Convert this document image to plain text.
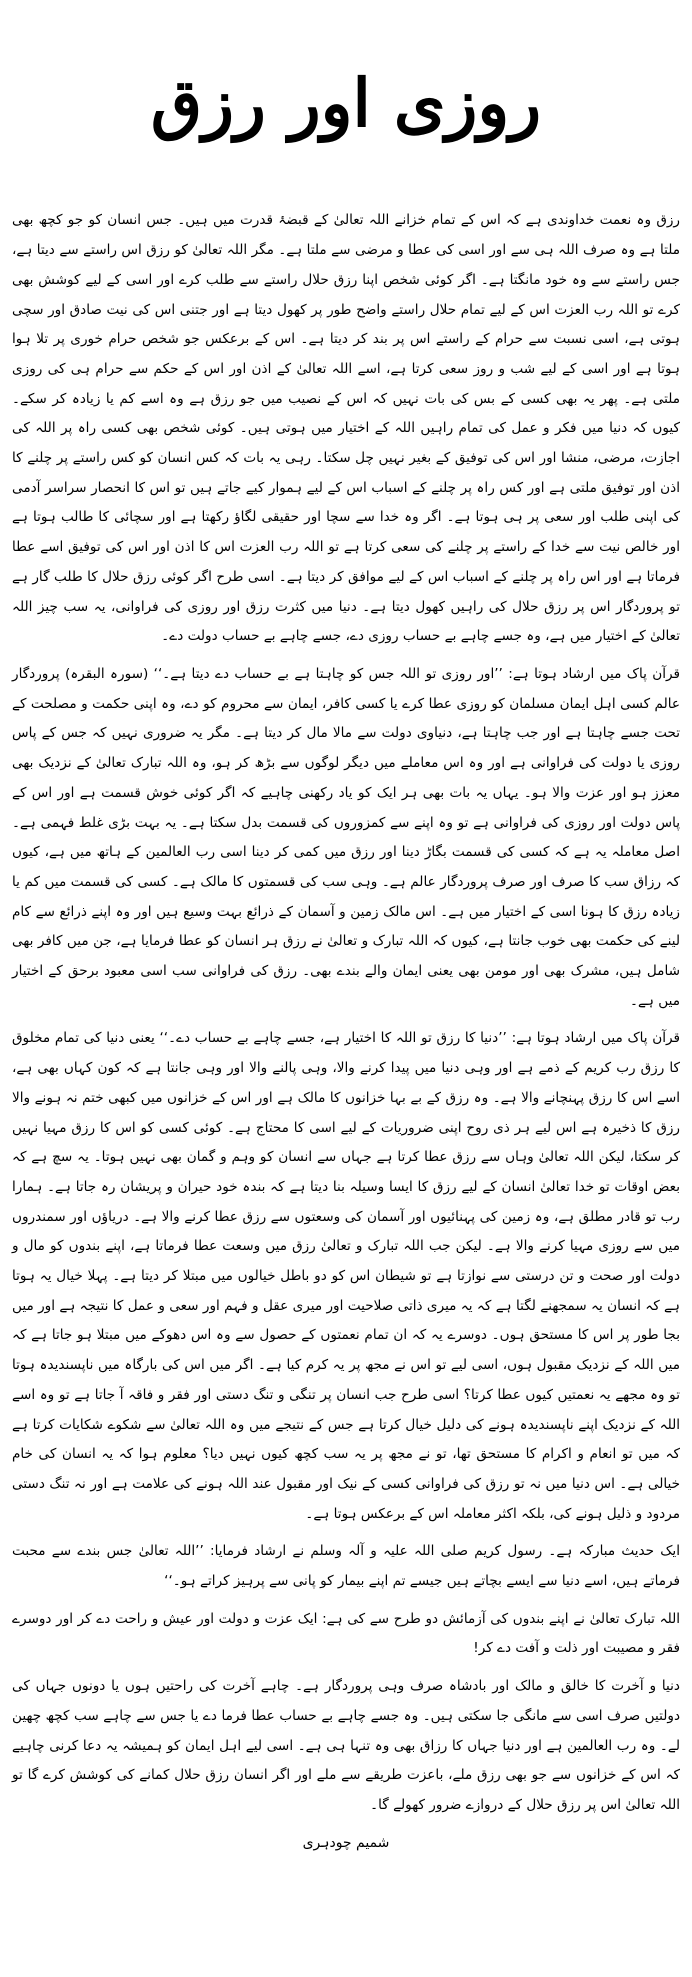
روزی اور رزق

رزق وہ نعمت خداوندی ہے کہ اس کے تمام خزانے اللہ تعالیٰ کے قبضۂ قدرت میں ہیں۔ جس انسان کو جو کچھ بھی ملتا ہے وہ صرف اللہ ہی سے اور اسی کی عطا و مرضی سے ملتا ہے۔ مگر اللہ تعالیٰ کو رزق اس راستے سے دیتا ہے، جس راستے سے وہ خود مانگتا ہے۔ اگر کوئی شخص اپنا رزق حلال راستے سے طلب کرے اور اسی کے لیے کوشش بھی کرے تو اللہ رب العزت اس کے لیے تمام حلال راستے واضح طور پر کھول دیتا ہے اور جتنی اس کی نیت صادق اور سچی ہوتی ہے، اسی نسبت سے حرام کے راستے اس پر بند کر دیتا ہے۔ اس کے برعکس جو شخص حرام خوری پر تلا ہوا ہوتا ہے اور اسی کے لیے شب و روز سعی کرتا ہے، اسے اللہ تعالیٰ کے اذن اور اس کے حکم سے حرام ہی کی روزی ملتی ہے۔ پھر یہ بھی کسی کے بس کی بات نہیں کہ اس کے نصیب میں جو رزق ہے وہ اسے کم یا زیادہ کر سکے۔ کیوں کہ دنیا میں فکر و عمل کی تمام راہیں اللہ کے اختیار میں ہوتی ہیں۔ کوئی شخص بھی کسی راہ پر اللہ کی اجازت، مرضی، منشا اور اس کی توفیق کے بغیر نہیں چل سکتا۔ رہی یہ بات کہ کس انسان کو کس راستے پر چلنے کا اذن اور توفیق ملتی ہے اور کس راہ پر چلنے کے اسباب اس کے لیے ہموار کیے جاتے ہیں تو اس کا انحصار سراسر آدمی کی اپنی طلب اور سعی پر ہی ہوتا ہے۔ اگر وہ خدا سے سچا اور حقیقی لگاؤ رکھتا ہے اور سچائی کا طالب ہوتا ہے اور خالص نیت سے خدا کے راستے پر چلنے کی سعی کرتا ہے تو اللہ رب العزت اس کا اذن اور اس کی توفیق اسے عطا فرماتا ہے اور اس راہ پر چلنے کے اسباب اس کے لیے موافق کر دیتا ہے۔ اسی طرح اگر کوئی رزق حلال کا طلب گار ہے تو پروردگار اس پر رزق حلال کی راہیں کھول دیتا ہے۔ دنیا میں کثرت رزق اور روزی کی فراوانی، یہ سب چیز اللہ تعالیٰ کے اختیار میں ہے، وہ جسے چاہے بے حساب روزی دے، جسے چاہے بے حساب دولت دے۔

قرآن پاک میں ارشاد ہوتا ہے: ’’اور روزی تو اللہ جس کو چاہتا ہے بے حساب دے دیتا ہے۔‘‘ (سورہ البقرہ) پروردگار عالم کسی اہل ایمان مسلمان کو روزی عطا کرے یا کسی کافر، ایمان سے محروم کو دے، وہ اپنی حکمت و مصلحت کے تحت جسے چاہتا ہے اور جب چاہتا ہے، دنیاوی دولت سے مالا مال کر دیتا ہے۔ مگر یہ ضروری نہیں کہ جس کے پاس روزی یا دولت کی فراوانی ہے اور وہ اس معاملے میں دیگر لوگوں سے بڑھ کر ہو، وہ اللہ تبارک تعالیٰ کے نزدیک بھی معزز ہو اور عزت والا ہو۔ یہاں یہ بات بھی ہر ایک کو یاد رکھنی چاہیے کہ اگر کوئی خوش قسمت ہے اور اس کے پاس دولت اور روزی کی فراوانی ہے تو وہ اپنے سے کمزوروں کی قسمت بدل سکتا ہے۔ یہ بہت بڑی غلط فہمی ہے۔ اصل معاملہ یہ ہے کہ کسی کی قسمت بگاڑ دینا اور رزق میں کمی کر دینا اسی رب العالمین کے ہاتھ میں ہے، کیوں کہ رزاق سب کا صرف اور صرف پروردگار عالم ہے۔ وہی سب کی قسمتوں کا مالک ہے۔ کسی کی قسمت میں کم یا زیادہ رزق کا ہونا اسی کے اختیار میں ہے۔ اس مالک زمین و آسمان کے ذرائع بہت وسیع ہیں اور وہ اپنے ذرائع سے کام لینے کی حکمت بھی خوب جانتا ہے، کیوں کہ اللہ تبارک و تعالیٰ نے رزق ہر انسان کو عطا فرمایا ہے، جن میں کافر بھی شامل ہیں، مشرک بھی اور مومن بھی یعنی ایمان والے بندے بھی۔ رزق کی فراوانی سب اسی معبود برحق کے اختیار میں ہے۔

قرآن پاک میں ارشاد ہوتا ہے: ’’دنیا کا رزق تو اللہ کا اختیار ہے، جسے چاہے بے حساب دے۔‘‘ یعنی دنیا کی تمام مخلوق کا رزق رب کریم کے ذمے ہے اور وہی دنیا میں پیدا کرنے والا، وہی پالنے والا اور وہی جانتا ہے کہ کون کہاں بھی ہے، اسے اس کا رزق پہنچانے والا ہے۔ وہ رزق کے بے بہا خزانوں کا مالک ہے اور اس کے خزانوں میں کبھی ختم نہ ہونے والا رزق کا ذخیرہ ہے اس لیے ہر ذی روح اپنی ضروریات کے لیے اسی کا محتاج ہے۔ کوئی کسی کو اس کا رزق مہیا نہیں کر سکتا، لیکن اللہ تعالیٰ وہاں سے رزق عطا کرتا ہے جہاں سے انسان کو وہم و گمان بھی نہیں ہوتا۔ یہ سچ ہے کہ بعض اوقات تو خدا تعالیٰ انسان کے لیے رزق کا ایسا وسیلہ بنا دیتا ہے کہ بندہ خود حیران و پریشان رہ جاتا ہے۔ ہمارا رب تو قادر مطلق ہے، وہ زمین کی پہنائیوں اور آسمان کی وسعتوں سے رزق عطا کرنے والا ہے۔ دریاؤں اور سمندروں میں سے روزی مہیا کرنے والا ہے۔ لیکن جب اللہ تبارک و تعالیٰ رزق میں وسعت عطا فرماتا ہے، اپنے بندوں کو مال و دولت اور صحت و تن درستی سے نوازتا ہے تو شیطان اس کو دو باطل خیالوں میں مبتلا کر دیتا ہے۔ پہلا خیال یہ ہوتا ہے کہ انسان یہ سمجھنے لگتا ہے کہ یہ میری ذاتی صلاحیت اور میری عقل و فہم اور سعی و عمل کا نتیجہ ہے اور میں بجا طور پر اس کا مستحق ہوں۔ دوسرے یہ کہ ان تمام نعمتوں کے حصول سے وہ اس دھوکے میں مبتلا ہو جاتا ہے کہ میں اللہ کے نزدیک مقبول ہوں، اسی لیے تو اس نے مجھ پر یہ کرم کیا ہے۔ اگر میں اس کی بارگاہ میں ناپسندیدہ ہوتا تو وہ مجھے یہ نعمتیں کیوں عطا کرتا؟ اسی طرح جب انسان پر تنگی و تنگ دستی اور فقر و فاقہ آ جاتا ہے تو وہ اسے اللہ کے نزدیک اپنے ناپسندیدہ ہونے کی دلیل خیال کرتا ہے جس کے نتیجے میں وہ اللہ تعالیٰ سے شکوے شکایات کرتا ہے کہ میں تو انعام و اکرام کا مستحق تھا، تو نے مجھ پر یہ سب کچھ کیوں نہیں دیا؟ معلوم ہوا کہ یہ انسان کی خام خیالی ہے۔ اس دنیا میں نہ تو رزق کی فراوانی کسی کے نیک اور مقبول عند اللہ ہونے کی علامت ہے اور نہ تنگ دستی مردود و ذلیل ہونے کی، بلکہ اکثر معاملہ اس کے برعکس ہوتا ہے۔

ایک حدیث مبارکہ ہے۔ رسول کریم صلی اللہ علیہ و آلہ وسلم نے ارشاد فرمایا: ’’اللہ تعالیٰ جس بندے سے محبت فرماتے ہیں، اسے دنیا سے ایسے بچاتے ہیں جیسے تم اپنے بیمار کو پانی سے پرہیز کراتے ہو۔‘‘

اللہ تبارک تعالیٰ نے اپنے بندوں کی آزمائش دو طرح سے کی ہے: ایک عزت و دولت اور عیش و راحت دے کر اور دوسرے فقر و مصیبت اور ذلت و آفت دے کر!

دنیا و آخرت کا خالق و مالک اور بادشاہ صرف وہی پروردگار ہے۔ چاہے آخرت کی راحتیں ہوں یا دونوں جہاں کی دولتیں صرف اسی سے مانگی جا سکتی ہیں۔ وہ جسے چاہے بے حساب عطا فرما دے یا جس سے چاہے سب کچھ چھین لے۔ وہ رب العالمین ہے اور دنیا جہاں کا رزاق بھی وہ تنہا ہی ہے۔ اسی لیے اہل ایمان کو ہمیشہ یہ دعا کرنی چاہیے کہ اس کے خزانوں سے جو بھی رزق ملے، باعزت طریقے سے ملے اور اگر انسان رزق حلال کمانے کی کوشش کرے گا تو اللہ تعالیٰ اس پر رزق حلال کے دروازے ضرور کھولے گا۔

شمیم چودہری
